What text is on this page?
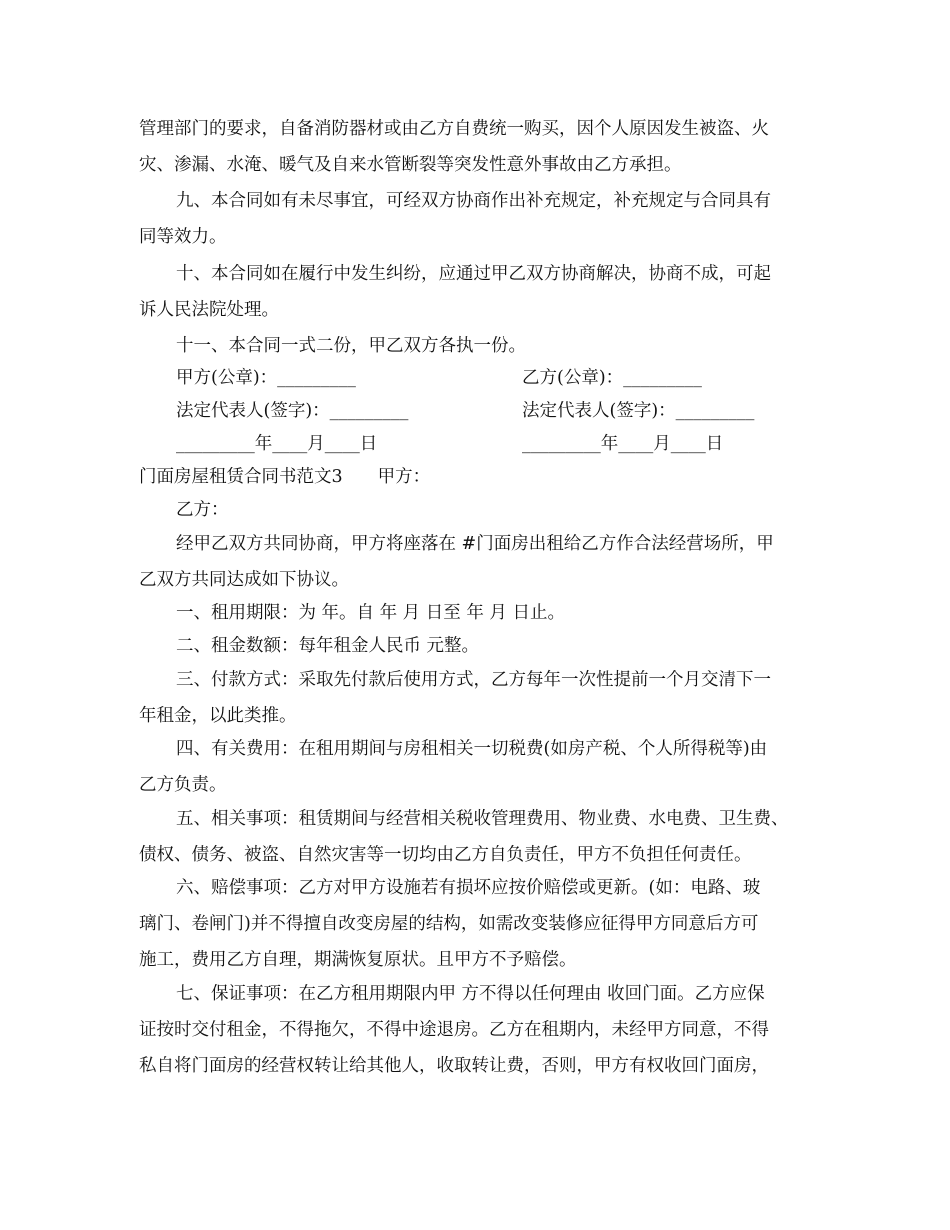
管理部门的要求，自备消防器材或由乙方自费统一购买，因个人原因发生被盗、火
灾、渗漏、水淹、暖气及自来水管断裂等突发性意外事故由乙方承担。
九、本合同如有未尽事宜，可经双方协商作出补充规定，补充规定与合同具有
同等效力。
十、本合同如在履行中发生纠纷，应通过甲乙双方协商解决，协商不成，可起
诉人民法院处理。
十一、本合同一式二份，甲乙双方各执一份。
甲方(公章)：_________	乙方(公章)：_________
法定代表人(签字)：_________	法定代表人(签字)：_________
_________年____月____日	_________年____月____日
门面房屋租赁合同书范文3　　甲方：
乙方：
经甲乙双方共同协商，甲方将座落在 #门面房出租给乙方作合法经营场所，甲
乙双方共同达成如下协议。
一、租用期限：为 年。自 年 月 日至 年 月 日止。
二、租金数额：每年租金人民币 元整。
三、付款方式：采取先付款后使用方式，乙方每年一次性提前一个月交清下一
年租金，以此类推。
四、有关费用：在租用期间与房租相关一切税费(如房产税、个人所得税等)由
乙方负责。
五、相关事项：租赁期间与经营相关税收管理费用、物业费、水电费、卫生费、
债权、债务、被盗、自然灾害等一切均由乙方自负责任，甲方不负担任何责任。
六、赔偿事项：乙方对甲方设施若有损坏应按价赔偿或更新。(如：电路、玻
璃门、卷闸门)并不得擅自改变房屋的结构，如需改变装修应征得甲方同意后方可
施工，费用乙方自理，期满恢复原状。且甲方不予赔偿。
七、保证事项：在乙方租用期限内甲 方不得以任何理由 收回门面。乙方应保
证按时交付租金，不得拖欠，不得中途退房。乙方在租期内，未经甲方同意，不得
私自将门面房的经营权转让给其他人，收取转让费，否则，甲方有权收回门面房，
